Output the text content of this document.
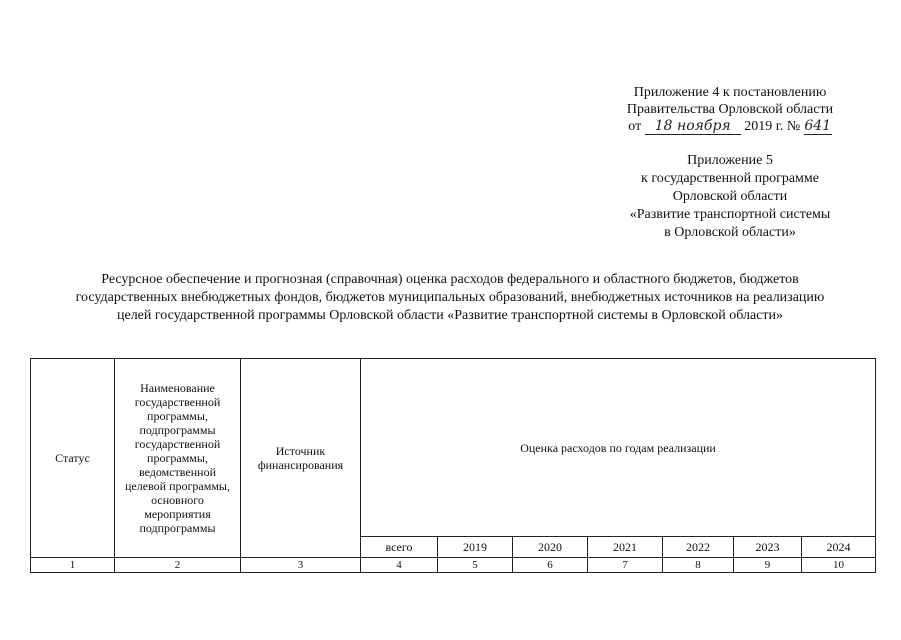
Приложение 4 к постановлению
Правительства Орловской области
от 18 ноября 2019 г. № 641
Приложение 5
к государственной программе
Орловской области
«Развитие транспортной системы
в Орловской области»
Ресурсное обеспечение и прогнозная (справочная) оценка расходов федерального и областного бюджетов, бюджетов
государственных внебюджетных фондов, бюджетов муниципальных образований, внебюджетных источников на реализацию
целей государственной программы Орловской области «Развитие транспортной системы в Орловской области»
Статус	Наименование государственной программы, подпрограммы государственной программы, ведомственной целевой программы, основного мероприятия подпрограммы	Источник финансирования	Оценка расходов по годам реализации						
			всего	2019	2020	2021	2022	2023	2024
1	2	3	4	5	6	7	8	9	10
